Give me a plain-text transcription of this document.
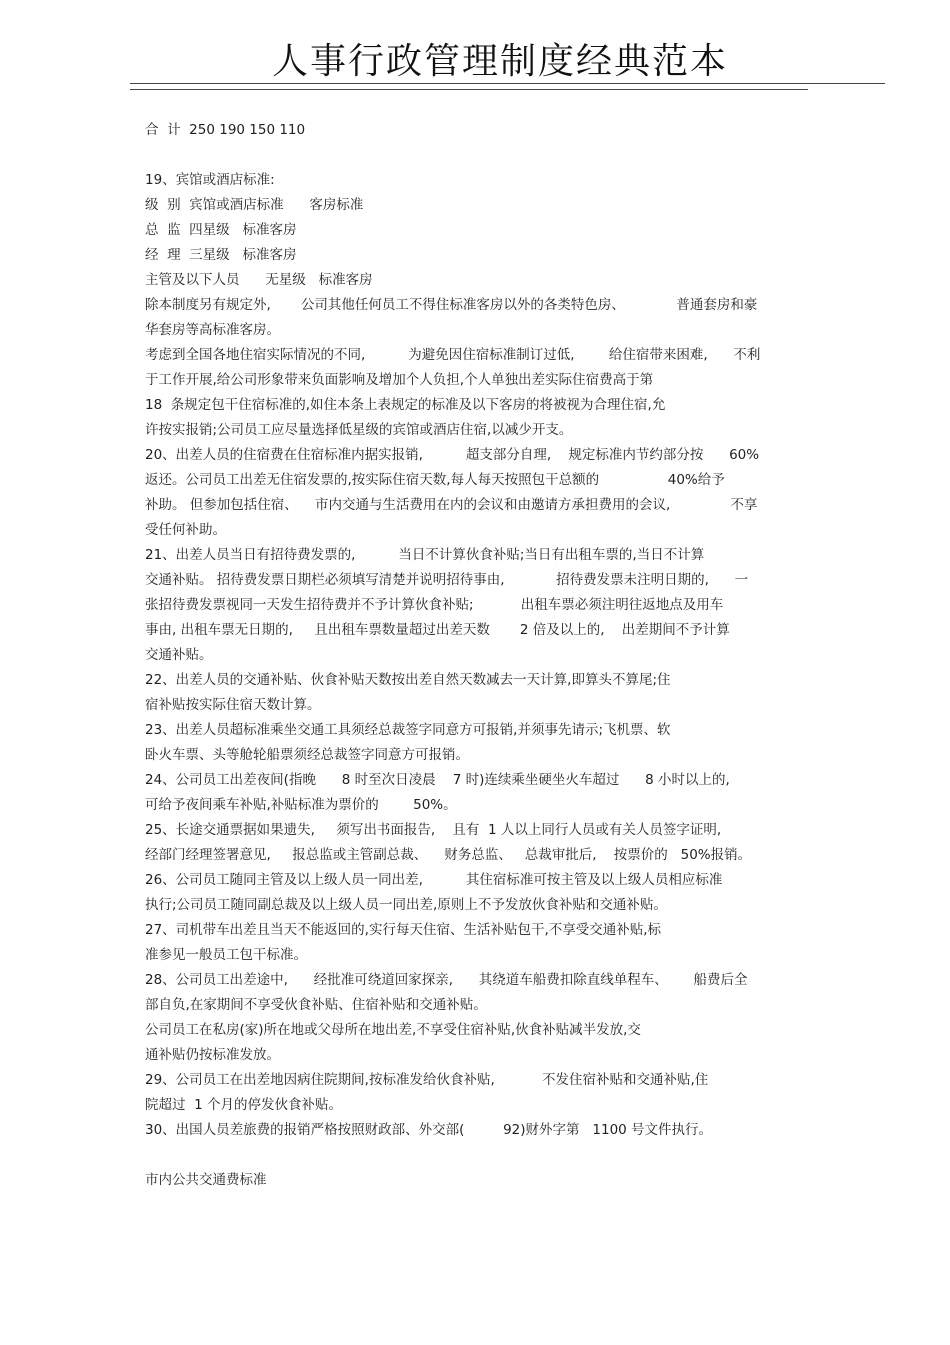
人事行政管理制度经典范本
合  计  250 190 150 110
19、宾馆或酒店标准:
级  别  宾馆或酒店标准      客房标准
总  监  四星级   标准客房
经  理  三星级   标准客房
主管及以下人员      无星级   标准客房
除本制度另有规定外,       公司其他任何员工不得住标准客房以外的各类特色房、            普通套房和豪
华套房等高标准客房。
考虑到全国各地住宿实际情况的不同,          为避免因住宿标准制订过低,        给住宿带来困难,      不利
于工作开展,给公司形象带来负面影响及增加个人负担,个人单独出差实际住宿费高于第
18  条规定包干住宿标准的,如住本条上表规定的标准及以下客房的将被视为合理住宿,允
许按实报销;公司员工应尽量选择低星级的宾馆或酒店住宿,以减少开支。
20、出差人员的住宿费在住宿标准内据实报销,          超支部分自理,    规定标准内节约部分按      60%
返还。公司员工出差无住宿发票的,按实际住宿天数,每人每天按照包干总额的                40%给予
补助。 但参加包括住宿、    市内交通与生活费用在内的会议和由邀请方承担费用的会议,              不享
受任何补助。
21、出差人员当日有招待费发票的,          当日不计算伙食补贴;当日有出租车票的,当日不计算
交通补贴。 招待费发票日期栏必须填写清楚并说明招待事由,            招待费发票未注明日期的,      一
张招待费发票视同一天发生招待费并不予计算伙食补贴;           出租车票必须注明往返地点及用车
事由, 出租车票无日期的,     且出租车票数量超过出差天数       2 倍及以上的,    出差期间不予计算
交通补贴。
22、出差人员的交通补贴、伙食补贴天数按出差自然天数减去一天计算,即算头不算尾;住
宿补贴按实际住宿天数计算。
23、出差人员超标准乘坐交通工具须经总裁签字同意方可报销,并须事先请示;飞机票、软
卧火车票、头等舱轮船票须经总裁签字同意方可报销。
24、公司员工出差夜间(指晚      8 时至次日凌晨    7 时)连续乘坐硬坐火车超过      8 小时以上的,
可给予夜间乘车补贴,补贴标准为票价的        50%。
25、长途交通票据如果遗失,     须写出书面报告,    且有  1 人以上同行人员或有关人员签字证明,
经部门经理签署意见,     报总监或主管副总裁、    财务总监、   总裁审批后,    按票价的   50%报销。
26、公司员工随同主管及以上级人员一同出差,          其住宿标准可按主管及以上级人员相应标准
执行;公司员工随同副总裁及以上级人员一同出差,原则上不予发放伙食补贴和交通补贴。
27、司机带车出差且当天不能返回的,实行每天住宿、生活补贴包干,不享受交通补贴,标
准参见一般员工包干标准。
28、公司员工出差途中,      经批准可绕道回家探亲,      其绕道车船费扣除直线单程车、      船费后全
部自负,在家期间不享受伙食补贴、住宿补贴和交通补贴。
公司员工在私房(家)所在地或父母所在地出差,不享受住宿补贴,伙食补贴减半发放,交
通补贴仍按标准发放。
29、公司员工在出差地因病住院期间,按标准发给伙食补贴,           不发住宿补贴和交通补贴,住
院超过  1 个月的停发伙食补贴。
30、出国人员差旅费的报销严格按照财政部、外交部(         92)财外字第   1100 号文件执行。
市内公共交通费标准
